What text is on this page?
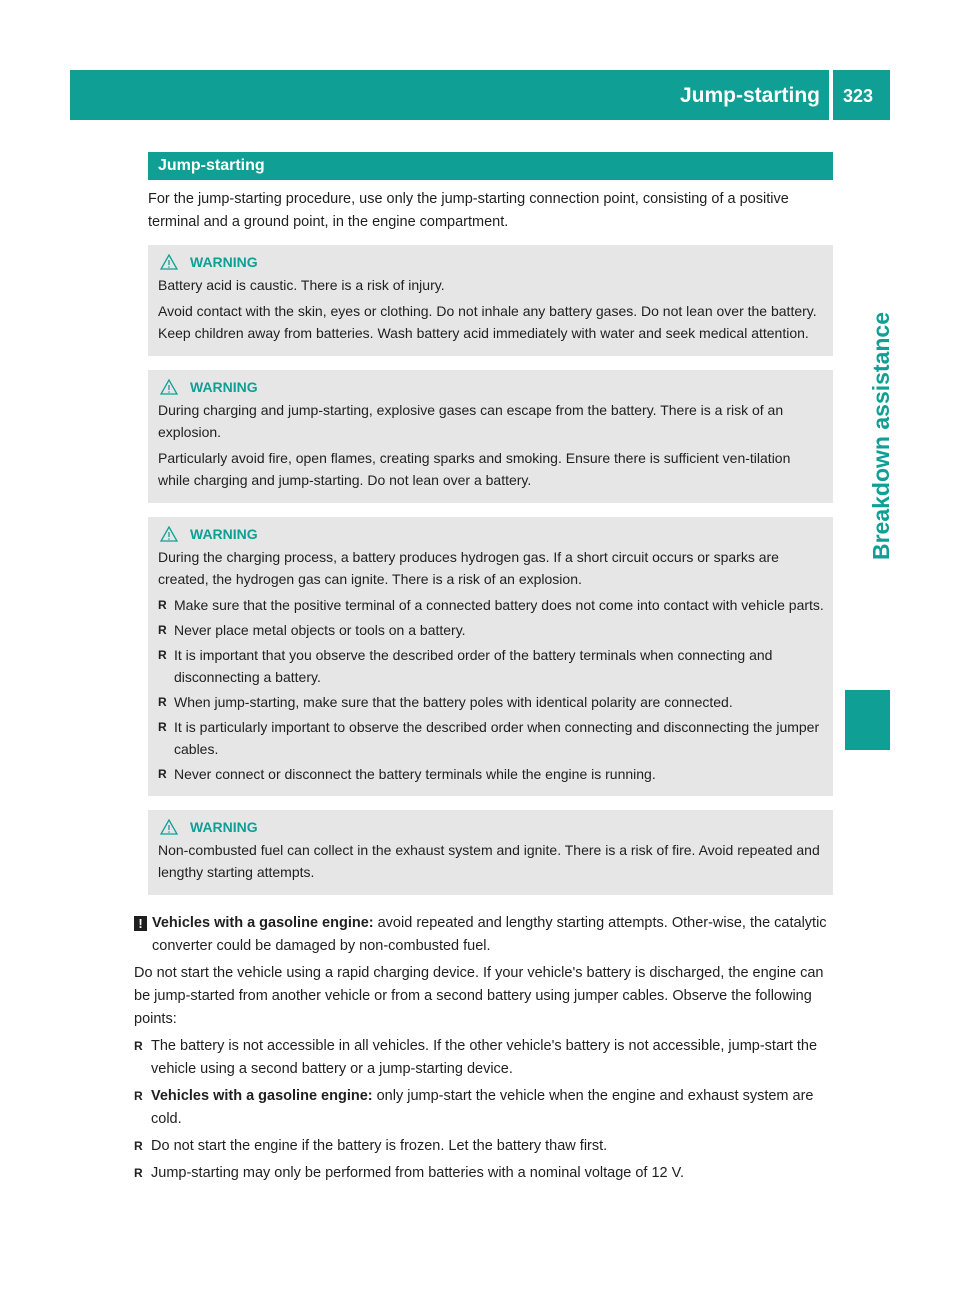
Jump-starting 323
Breakdown assistance
Jump-starting

For the jump-starting procedure, use only the jump-starting connection point, consisting of a positive terminal and a ground point, in the engine compartment.

WARNING

Battery acid is caustic. There is a risk of injury.

Avoid contact with the skin, eyes or clothing. Do not inhale any battery gases. Do not lean over the battery. Keep children away from batteries. Wash battery acid immediately with water and seek medical attention.

WARNING

During charging and jump-starting, explosive gases can escape from the battery. There is a risk of an explosion.

Particularly avoid fire, open flames, creating sparks and smoking. Ensure there is sufficient ven-tilation while charging and jump-starting. Do not lean over a battery.

WARNING

During the charging process, a battery produces hydrogen gas. If a short circuit occurs or sparks are created, the hydrogen gas can ignite. There is a risk of an explosion.

R Make sure that the positive terminal of a connected battery does not come into contact with vehicle parts.
R Never place metal objects or tools on a battery.
R It is important that you observe the described order of the battery terminals when connecting and disconnecting a battery.
R When jump-starting, make sure that the battery poles with identical polarity are connected.
R It is particularly important to observe the described order when connecting and disconnecting the jumper cables.
R Never connect or disconnect the battery terminals while the engine is running.
WARNING

Non-combusted fuel can collect in the exhaust system and ignite. There is a risk of fire. Avoid repeated and lengthy starting attempts.

! Vehicles with a gasoline engine: avoid repeated and lengthy starting attempts. Other-wise, the catalytic converter could be damaged by non-combusted fuel.

Do not start the vehicle using a rapid charging device. If your vehicle's battery is discharged, the engine can be jump-started from another vehicle or from a second battery using jumper cables. Observe the following points:

R The battery is not accessible in all vehicles. If the other vehicle's battery is not accessible, jump-start the vehicle using a second battery or a jump-starting device.
R Vehicles with a gasoline engine: only jump-start the vehicle when the engine and exhaust system are cold.
R Do not start the engine if the battery is frozen. Let the battery thaw first.
R Jump-starting may only be performed from batteries with a nominal voltage of 12 V.
